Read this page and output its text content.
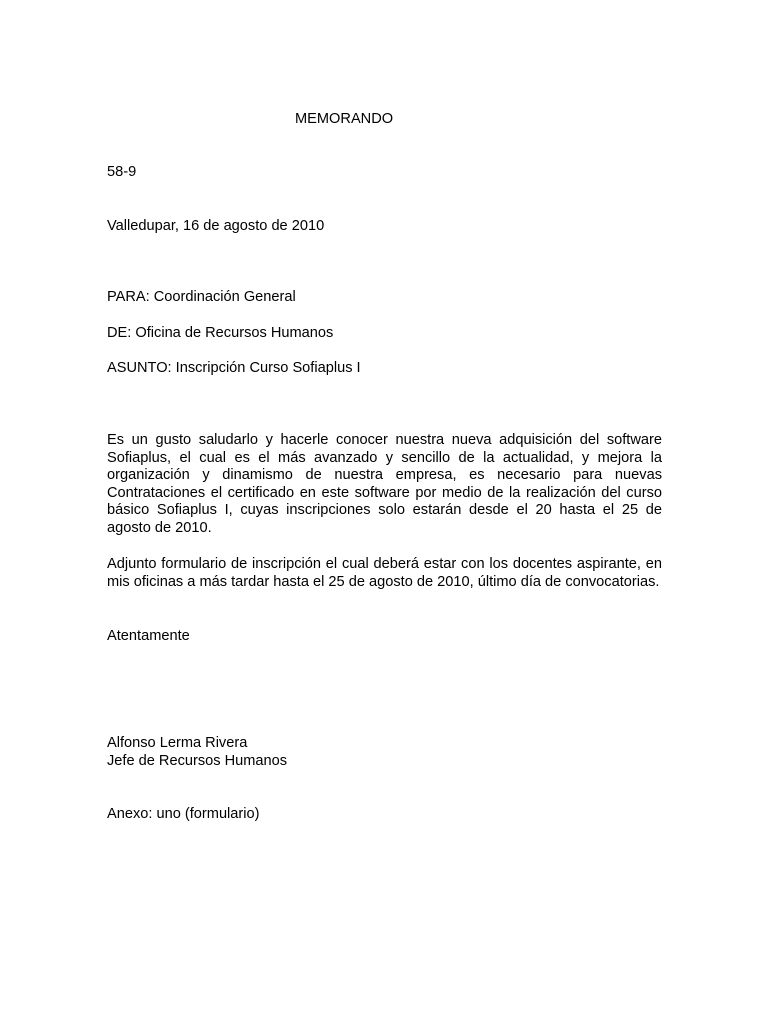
MEMORANDO
58-9
Valledupar, 16 de agosto de 2010
PARA: Coordinación General
DE: Oficina de Recursos Humanos
ASUNTO: Inscripción Curso Sofiaplus I
Es un gusto saludarlo y hacerle conocer nuestra nueva adquisición del software Sofiaplus, el cual es el más avanzado y sencillo de la actualidad, y mejora la organización y dinamismo de nuestra empresa, es necesario para nuevas Contrataciones el certificado en este software por medio de la realización del curso básico Sofiaplus I, cuyas inscripciones solo estarán desde el 20 hasta el 25 de agosto de 2010.
Adjunto formulario de inscripción el cual deberá estar con los docentes aspirante, en mis oficinas a más tardar hasta el 25 de agosto de 2010, último día de convocatorias.
Atentamente
Alfonso Lerma Rivera
Jefe de Recursos Humanos
Anexo: uno (formulario)
